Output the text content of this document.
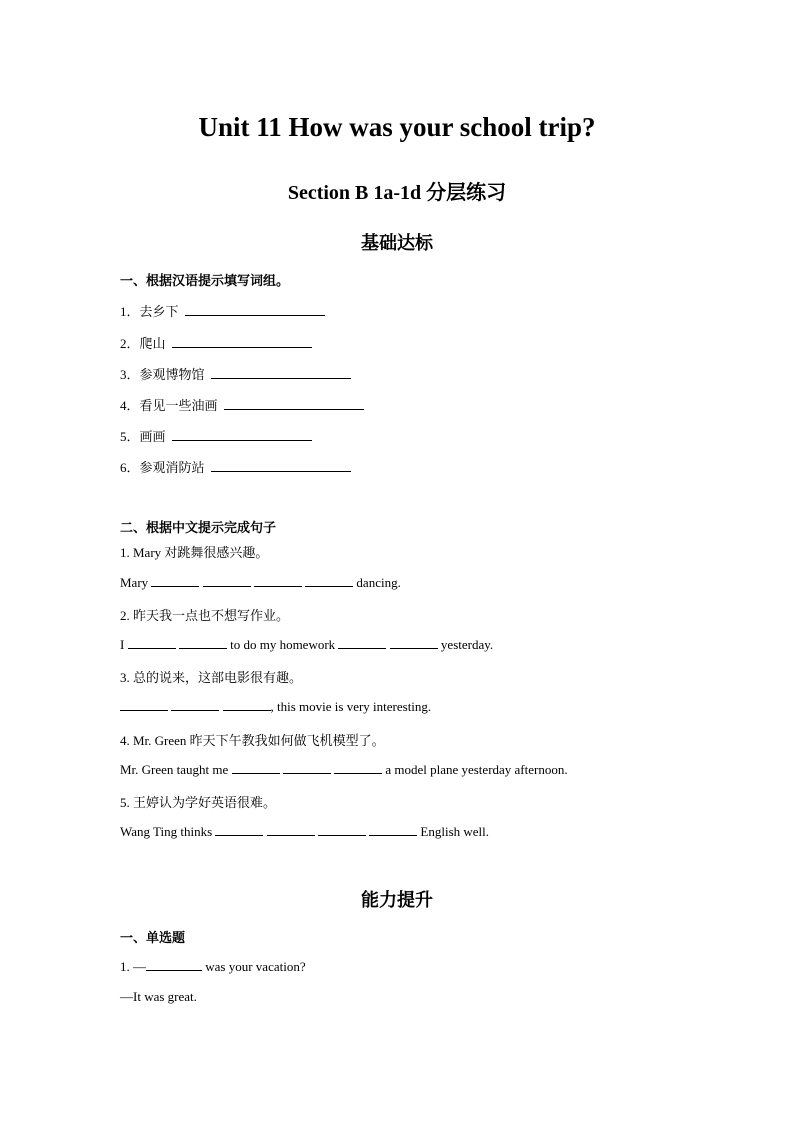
Unit 11 How was your school trip?
Section B 1a-1d 分层练习
基础达标
一、根据汉语提示填写词组。
1．去乡下
2．爬山
3．参观博物馆
4．看见一些油画
5．画画
6．参观消防站
二、根据中文提示完成句子
1. Mary 对跳舞很感兴趣。
Mary	dancing.
2. 昨天我一点也不想写作业。
I	to do my homework	yesterday.
3. 总的说来，这部电影很有趣。
, this movie is very interesting.
4. Mr. Green 昨天下午教我如何做飞机模型了。
Mr. Green taught me	a model plane yesterday afternoon.
5. 王婷认为学好英语很难。
Wang Ting thinks	English well.
能力提升
一、单选题
1. —	was your vacation?
—It was great.
